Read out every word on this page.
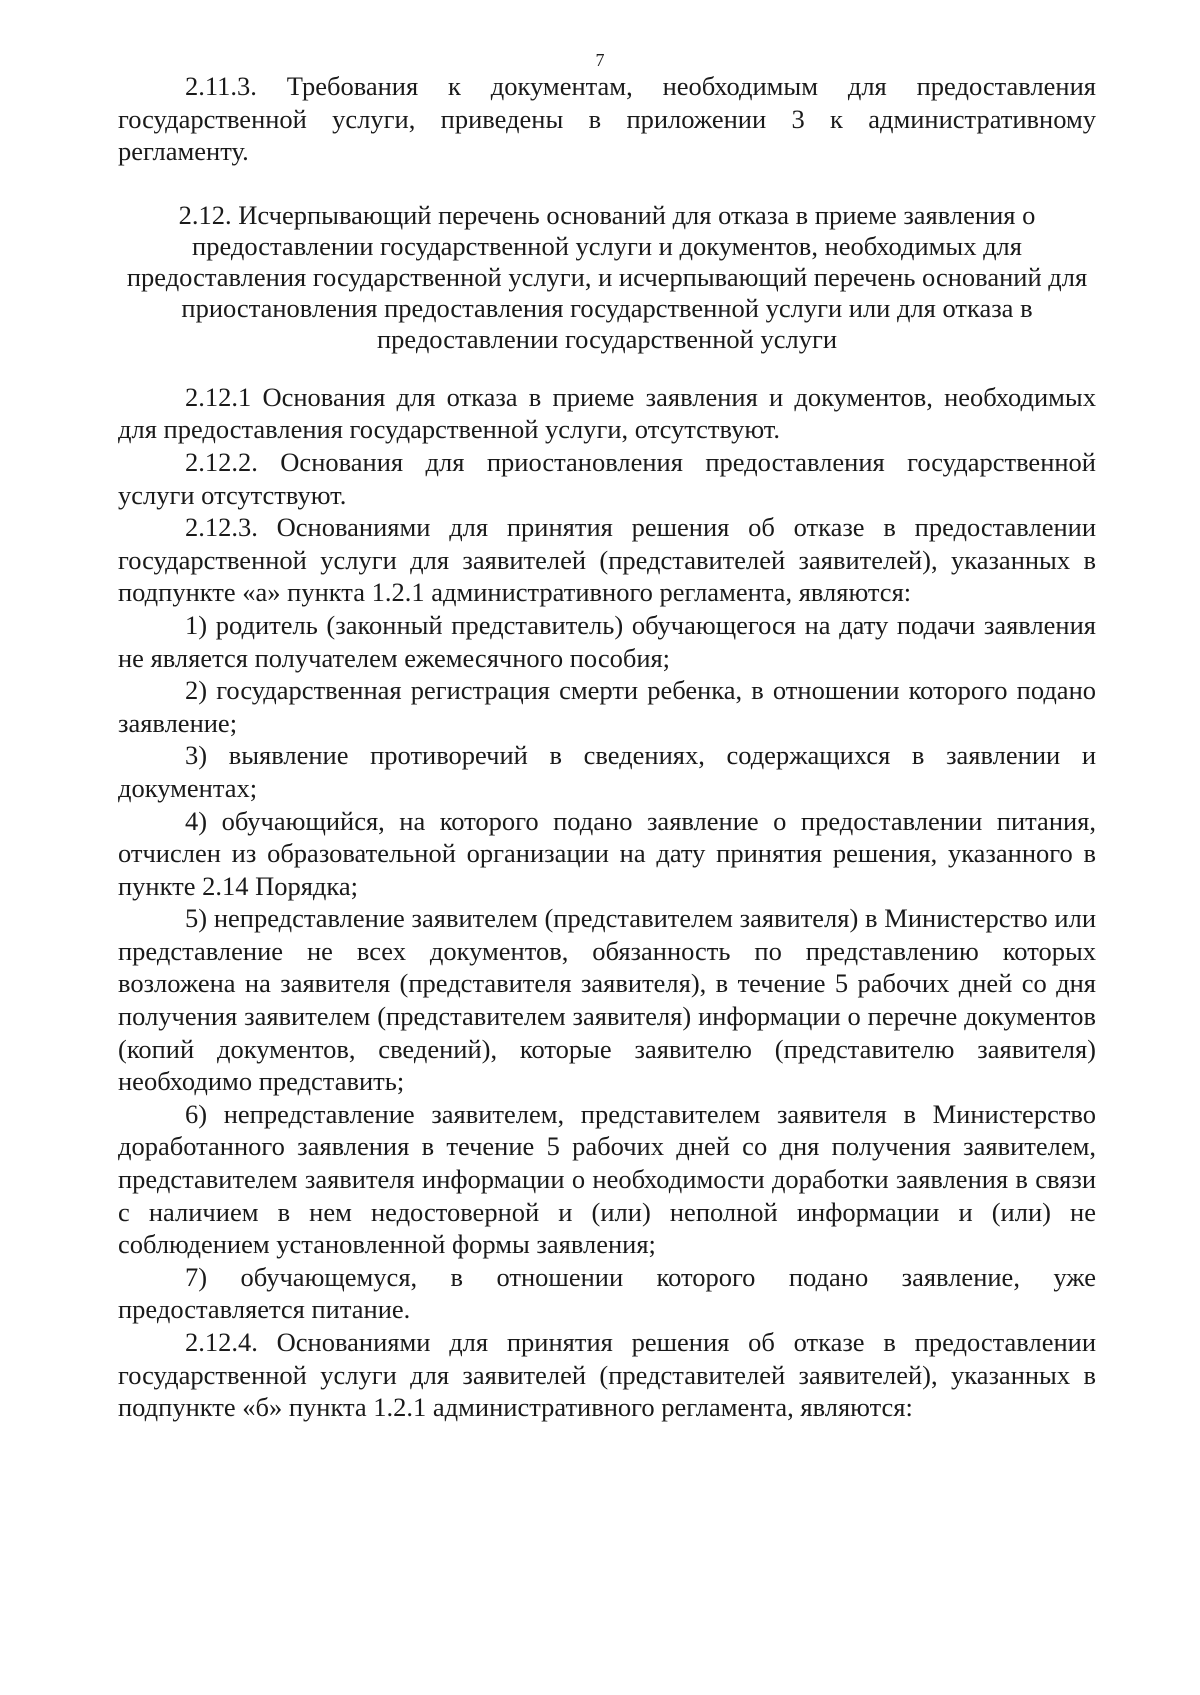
7

2.11.3. Требования к документам, необходимым для предоставления государственной услуги, приведены в приложении 3 к административному регламенту.

2.12. Исчерпывающий перечень оснований для отказа в приеме заявления о предоставлении государственной услуги и документов, необходимых для предоставления государственной услуги, и исчерпывающий перечень оснований для приостановления предоставления государственной услуги или для отказа в предоставлении государственной услуги

2.12.1 Основания для отказа в приеме заявления и документов, необходимых для предоставления государственной услуги, отсутствуют.

2.12.2. Основания для приостановления предоставления государственной услуги отсутствуют.

2.12.3. Основаниями для принятия решения об отказе в предоставлении государственной услуги для заявителей (представителей заявителей), указанных в подпункте «а» пункта 1.2.1 административного регламента, являются:

1) родитель (законный представитель) обучающегося на дату подачи заявления не является получателем ежемесячного пособия;

2) государственная регистрация смерти ребенка, в отношении которого подано заявление;

3) выявление противоречий в сведениях, содержащихся в заявлении и документах;

4) обучающийся, на которого подано заявление о предоставлении питания, отчислен из образовательной организации на дату принятия решения, указанного в пункте 2.14 Порядка;

5) непредставление заявителем (представителем заявителя) в Министерство или представление не всех документов, обязанность по представлению которых возложена на заявителя (представителя заявителя), в течение 5 рабочих дней со дня получения заявителем (представителем заявителя) информации о перечне документов (копий документов, сведений), которые заявителю (представителю заявителя) необходимо представить;

6) непредставление заявителем, представителем заявителя в Министерство доработанного заявления в течение 5 рабочих дней со дня получения заявителем, представителем заявителя информации о необходимости доработки заявления в связи с наличием в нем недостоверной и (или) неполной информации и (или) не соблюдением установленной формы заявления;

7) обучающемуся, в отношении которого подано заявление, уже предоставляется питание.

2.12.4. Основаниями для принятия решения об отказе в предоставлении государственной услуги для заявителей (представителей заявителей), указанных в подпункте «б» пункта 1.2.1 административного регламента, являются:
